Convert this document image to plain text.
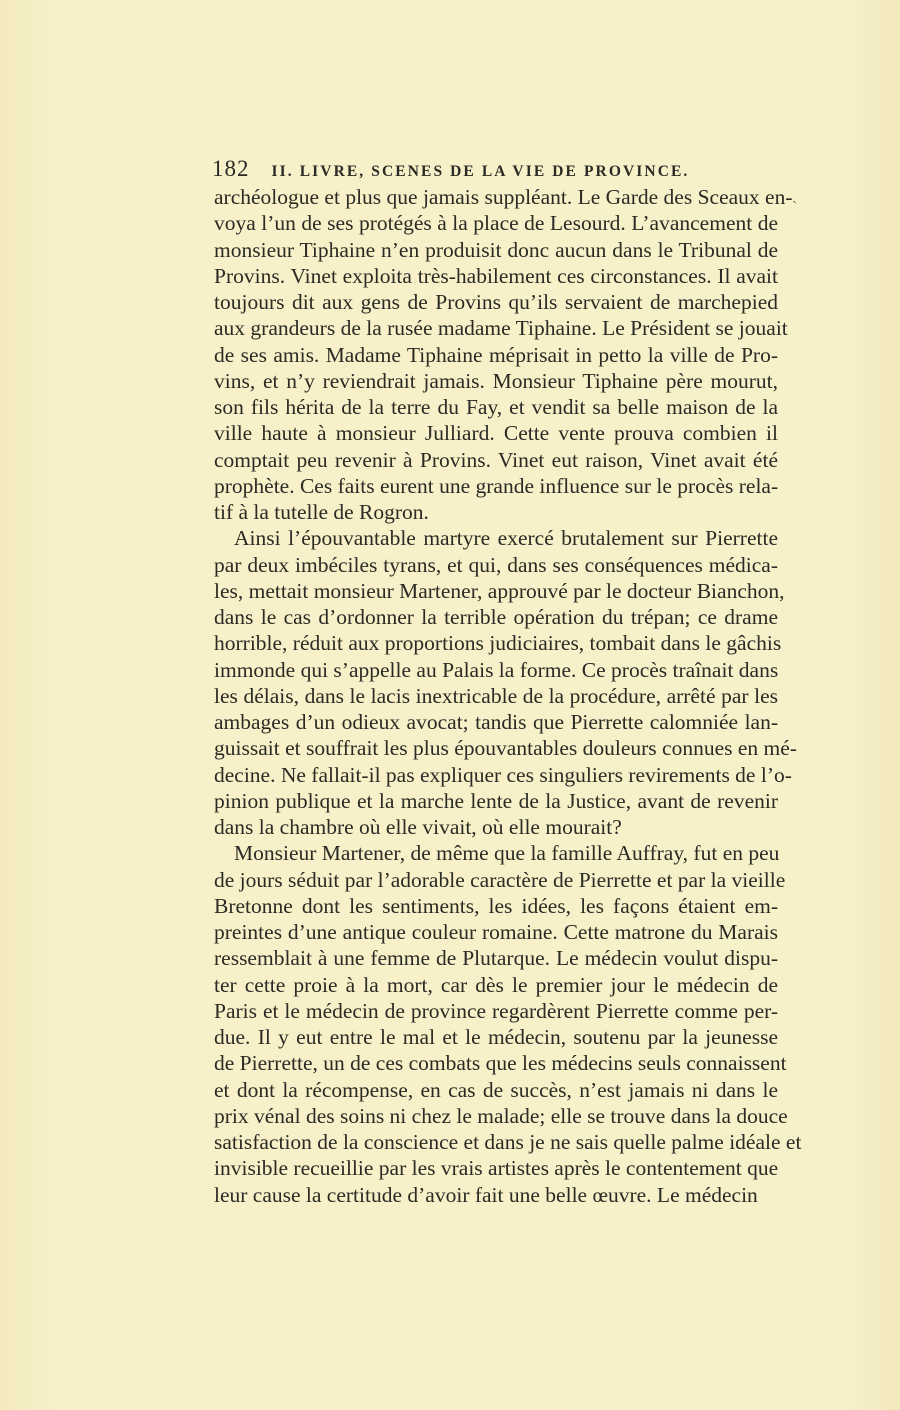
182 II. LIVRE, SCENES DE LA VIE DE PROVINCE.
archéologue et plus que jamais suppléant. Le Garde des Sceaux en-
voya l’un de ses protégés à la place de Lesourd. L’avancement de
monsieur Tiphaine n’en produisit donc aucun dans le Tribunal de
Provins. Vinet exploita très-habilement ces circonstances. Il avait
toujours dit aux gens de Provins qu’ils servaient de marchepied
aux grandeurs de la rusée madame Tiphaine. Le Président se jouait
de ses amis. Madame Tiphaine méprisait in petto la ville de Pro-
vins, et n’y reviendrait jamais. Monsieur Tiphaine père mourut,
son fils hérita de la terre du Fay, et vendit sa belle maison de la
ville haute à monsieur Julliard. Cette vente prouva combien il
comptait peu revenir à Provins. Vinet eut raison, Vinet avait été
prophète. Ces faits eurent une grande influence sur le procès rela-
tif à la tutelle de Rogron.
Ainsi l’épouvantable martyre exercé brutalement sur Pierrette
par deux imbéciles tyrans, et qui, dans ses conséquences médica-
les, mettait monsieur Martener, approuvé par le docteur Bianchon,
dans le cas d’ordonner la terrible opération du trépan; ce drame
horrible, réduit aux proportions judiciaires, tombait dans le gâchis
immonde qui s’appelle au Palais la forme. Ce procès traînait dans
les délais, dans le lacis inextricable de la procédure, arrêté par les
ambages d’un odieux avocat; tandis que Pierrette calomniée lan-
guissait et souffrait les plus épouvantables douleurs connues en mé-
decine. Ne fallait-il pas expliquer ces singuliers revirements de l’o-
pinion publique et la marche lente de la Justice, avant de revenir
dans la chambre où elle vivait, où elle mourait?
Monsieur Martener, de même que la famille Auffray, fut en peu
de jours séduit par l’adorable caractère de Pierrette et par la vieille
Bretonne dont les sentiments, les idées, les façons étaient em-
preintes d’une antique couleur romaine. Cette matrone du Marais
ressemblait à une femme de Plutarque. Le médecin voulut dispu-
ter cette proie à la mort, car dès le premier jour le médecin de
Paris et le médecin de province regardèrent Pierrette comme per-
due. Il y eut entre le mal et le médecin, soutenu par la jeunesse
de Pierrette, un de ces combats que les médecins seuls connaissent
et dont la récompense, en cas de succès, n’est jamais ni dans le
prix vénal des soins ni chez le malade; elle se trouve dans la douce
satisfaction de la conscience et dans je ne sais quelle palme idéale et
invisible recueillie par les vrais artistes après le contentement que
leur cause la certitude d’avoir fait une belle œuvre. Le médecin
ˎ
